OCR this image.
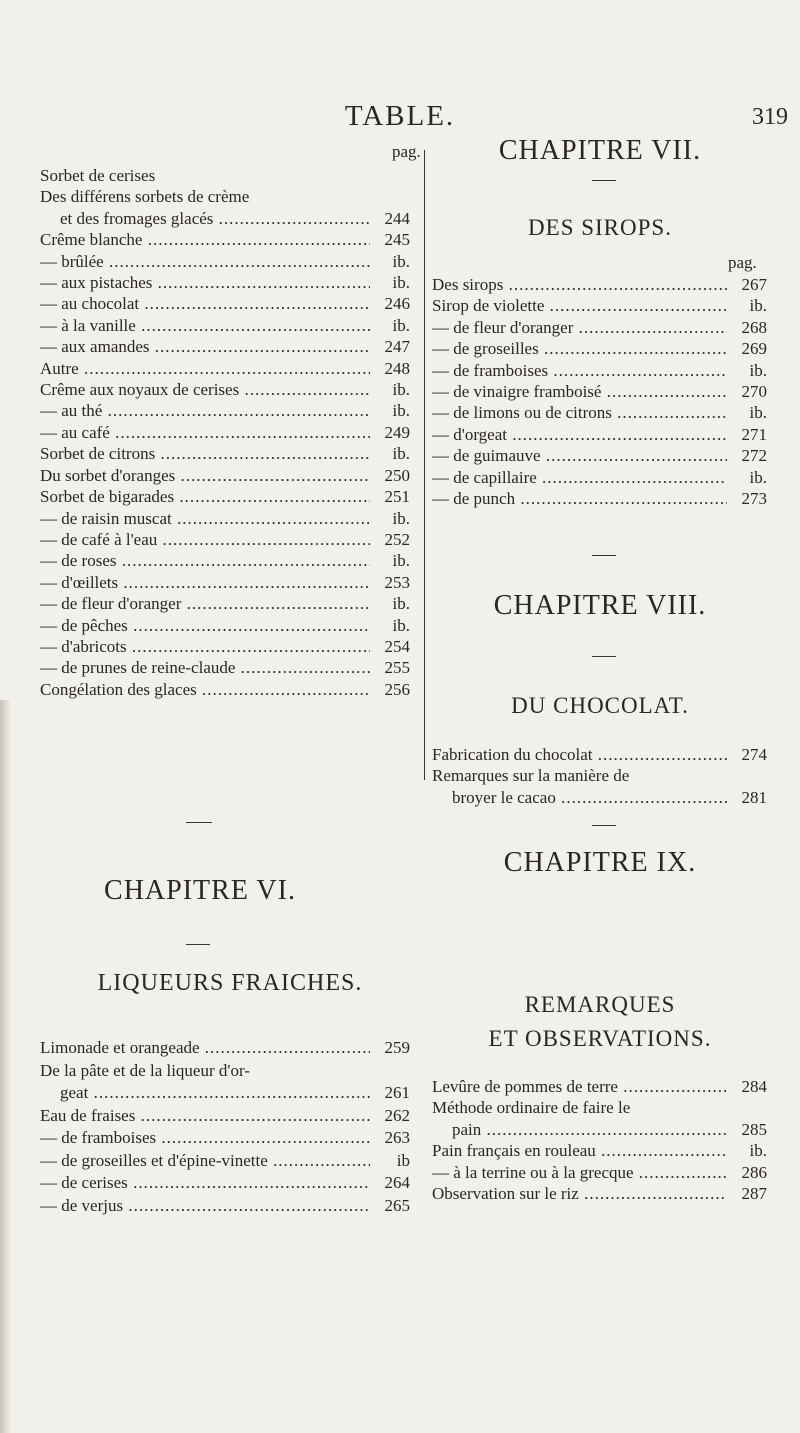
TABLE.	319
pag.
Sorbet de cerises
Des différens sorbets de crème
et des fromages glacés .....	244
Crême blanche .....	245
— brûlée .....	ib.
— aux pistaches .....	ib.
— au chocolat .....	246
— à la vanille .....	ib.
— aux amandes .....	247
Autre .....	248
Crême aux noyaux de cerises .....	ib.
— au thé .....	ib.
— au café .....	249
Sorbet de citrons .....	ib.
Du sorbet d'oranges .....	250
Sorbet de bigarades .....	251
— de raisin muscat .....	ib.
— de café à l'eau .....	252
— de roses .....	ib.
— d'œillets .....	253
— de fleur d'oranger .....	ib.
— de pêches .....	ib.
— d'abricots .....	254
— de prunes de reine-claude .....	255
Congélation des glaces .....	256
CHAPITRE VI.
LIQUEURS FRAICHES.
Limonade et orangeade .....	259
De la pâte et de la liqueur d'or-
geat .....	261
Eau de fraises .....	262
— de framboises .....	263
— de groseilles et d'épine-vinette .....	ib
— de cerises .....	264
— de verjus .....	265
CHAPITRE VII.
DES SIROPS.
pag.
Des sirops .....	267
Sirop de violette .....	ib.
— de fleur d'oranger .....	268
— de groseilles .....	269
— de framboises .....	ib.
— de vinaigre framboisé .....	270
— de limons ou de citrons .....	ib.
— d'orgeat .....	271
— de guimauve .....	272
— de capillaire .....	ib.
— de punch .....	273
CHAPITRE VIII.
DU CHOCOLAT.
Fabrication du chocolat .....	274
Remarques sur la manière de
broyer le cacao .....	281
CHAPITRE IX.
REMARQUES
ET OBSERVATIONS.
Levûre de pommes de terre .....	284
Méthode ordinaire de faire le
pain .....	285
Pain français en rouleau .....	ib.
— à la terrine ou à la grecque .....	286
Observation sur le riz .....	287
